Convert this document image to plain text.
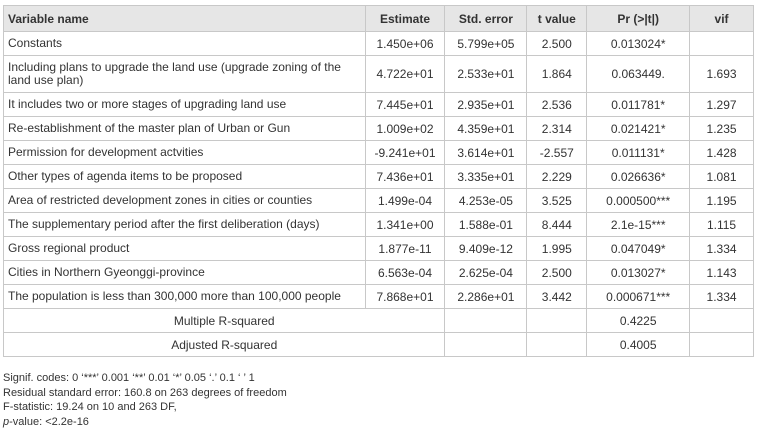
Variable name	Estimate	Std. error	t value	Pr (>|t|)	vif
Constants	1.450e+06	5.799e+05	2.500	0.013024*	
Including plans to upgrade the land use (upgrade zoning of the land use plan)	4.722e+01	2.533e+01	1.864	0.063449.	1.693
It includes two or more stages of upgrading land use	7.445e+01	2.935e+01	2.536	0.011781*	1.297
Re-establishment of the master plan of Urban or Gun	1.009e+02	4.359e+01	2.314	0.021421*	1.235
Permission for development actvities	-9.241e+01	3.614e+01	-2.557	0.011131*	1.428
Other types of agenda items to be proposed	7.436e+01	3.335e+01	2.229	0.026636*	1.081
Area of restricted development zones in cities or counties	1.499e-04	4.253e-05	3.525	0.000500***	1.195
The supplementary period after the first deliberation (days)	1.341e+00	1.588e-01	8.444	2.1e-15***	1.115
Gross regional product	1.877e-11	9.409e-12	1.995	0.047049*	1.334
Cities in Northern Gyeonggi-province	6.563e-04	2.625e-04	2.500	0.013027*	1.143
The population is less than 300,000 more than 100,000 people	7.868e+01	2.286e+01	3.442	0.000671***	1.334
Multiple R-squared				0.4225	
Adjusted R-squared				0.4005	
Signif. codes: 0 ‘***’ 0.001 ‘**’ 0.01 ‘*’ 0.05 ‘.’ 0.1 ‘ ’ 1
Residual standard error: 160.8 on 263 degrees of freedom
F-statistic: 19.24 on 10 and 263 DF,
p-value: <2.2e-16
